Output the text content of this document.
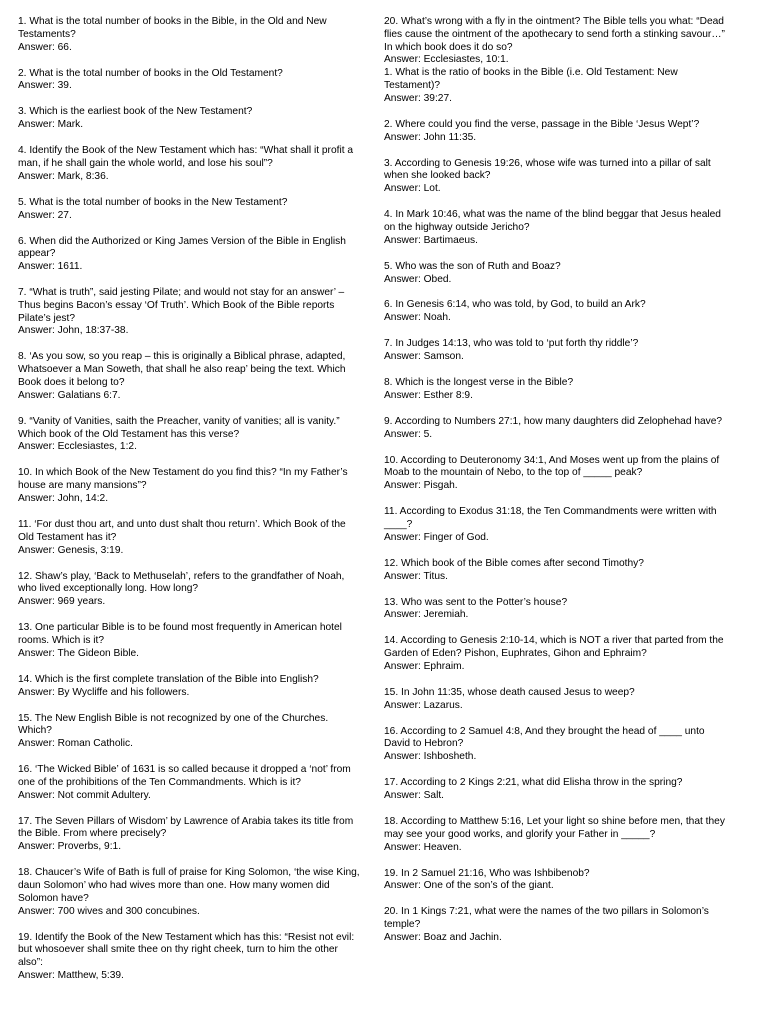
1. What is the total number of books in the Bible, in the Old and New
Testaments?
Answer: 66.
2. What is the total number of books in the Old Testament?
Answer: 39.
3. Which is the earliest book of the New Testament?
Answer: Mark.
4. Identify the Book of the New Testament which has: “What shall it profit a
man, if he shall gain the whole world, and lose his soul”?
Answer: Mark, 8:36.
5. What is the total number of books in the New Testament?
Answer: 27.
6. When did the Authorized or King James Version of the Bible in English
appear?
Answer: 1611.
7. “What is truth”, said jesting Pilate; and would not stay for an answer’ –
Thus begins Bacon’s essay ‘Of Truth’. Which Book of the Bible reports
Pilate’s jest?
Answer: John, 18:37-38.
8. ‘As you sow, so you reap – this is originally a Biblical phrase, adapted,
Whatsoever a Man Soweth, that shall he also reap’ being the text. Which
Book does it belong to?
Answer: Galatians 6:7.
9. “Vanity of Vanities, saith the Preacher, vanity of vanities; all is vanity.”
Which book of the Old Testament has this verse?
Answer: Ecclesiastes, 1:2.
10. In which Book of the New Testament do you find this? “In my Father’s
house are many mansions”?
Answer: John, 14:2.
11. ‘For dust thou art, and unto dust shalt thou return’. Which Book of the
Old Testament has it?
Answer: Genesis, 3:19.
12. Shaw’s play, ‘Back to Methuselah’, refers to the grandfather of Noah,
who lived exceptionally long. How long?
Answer: 969 years.
13. One particular Bible is to be found most frequently in American hotel
rooms. Which is it?
Answer: The Gideon Bible.
14. Which is the first complete translation of the Bible into English?
Answer: By Wycliffe and his followers.
15. The New English Bible is not recognized by one of the Churches.
Which?
Answer: Roman Catholic.
16. ‘The Wicked Bible’ of 1631 is so called because it dropped a ‘not’ from
one of the prohibitions of the Ten Commandments. Which is it?
Answer: Not commit Adultery.
17. The Seven Pillars of Wisdom’ by Lawrence of Arabia takes its title from
the Bible. From where precisely?
Answer: Proverbs, 9:1.
18. Chaucer’s Wife of Bath is full of praise for King Solomon, ‘the wise King,
daun Solomon’ who had wives more than one. How many women did
Solomon have?
Answer: 700 wives and 300 concubines.
19. Identify the Book of the New Testament which has this: “Resist not evil:
but whosoever shall smite thee on thy right cheek, turn to him the other
also”:
Answer: Matthew, 5:39.
20. What’s wrong with a fly in the ointment? The Bible tells you what: “Dead
flies cause the ointment of the apothecary to send forth a stinking savour…”
In which book does it do so?
Answer: Ecclesiastes, 10:1.
1. What is the ratio of books in the Bible (i.e. Old Testament: New
Testament)?
Answer: 39:27.
2. Where could you find the verse, passage in the Bible ‘Jesus Wept’?
Answer: John 11:35.
3. According to Genesis 19:26, whose wife was turned into a pillar of salt
when she looked back?
Answer: Lot.
4. In Mark 10:46, what was the name of the blind beggar that Jesus healed
on the highway outside Jericho?
Answer: Bartimaeus.
5. Who was the son of Ruth and Boaz?
Answer: Obed.
6. In Genesis 6:14, who was told, by God, to build an Ark?
Answer: Noah.
7. In Judges 14:13, who was told to ‘put forth thy riddle’?
Answer: Samson.
8. Which is the longest verse in the Bible?
Answer: Esther 8:9.
9. According to Numbers 27:1, how many daughters did Zelophehad have?
Answer: 5.
10. According to Deuteronomy 34:1, And Moses went up from the plains of
Moab to the mountain of Nebo, to the top of _____ peak?
Answer: Pisgah.
11. According to Exodus 31:18, the Ten Commandments were written with
____?
Answer: Finger of God.
12. Which book of the Bible comes after second Timothy?
Answer: Titus.
13. Who was sent to the Potter’s house?
Answer: Jeremiah.
14. According to Genesis 2:10-14, which is NOT a river that parted from the
Garden of Eden? Pishon, Euphrates, Gihon and Ephraim?
Answer: Ephraim.
15. In John 11:35, whose death caused Jesus to weep?
Answer: Lazarus.
16. According to 2 Samuel 4:8, And they brought the head of ____ unto
David to Hebron?
Answer: Ishbosheth.
17. According to 2 Kings 2:21, what did Elisha throw in the spring?
Answer: Salt.
18. According to Matthew 5:16, Let your light so shine before men, that they
may see your good works, and glorify your Father in _____?
Answer: Heaven.
19. In 2 Samuel 21:16, Who was Ishbibenob?
Answer: One of the son’s of the giant.
20. In 1 Kings 7:21, what were the names of the two pillars in Solomon’s
temple?
Answer: Boaz and Jachin.
